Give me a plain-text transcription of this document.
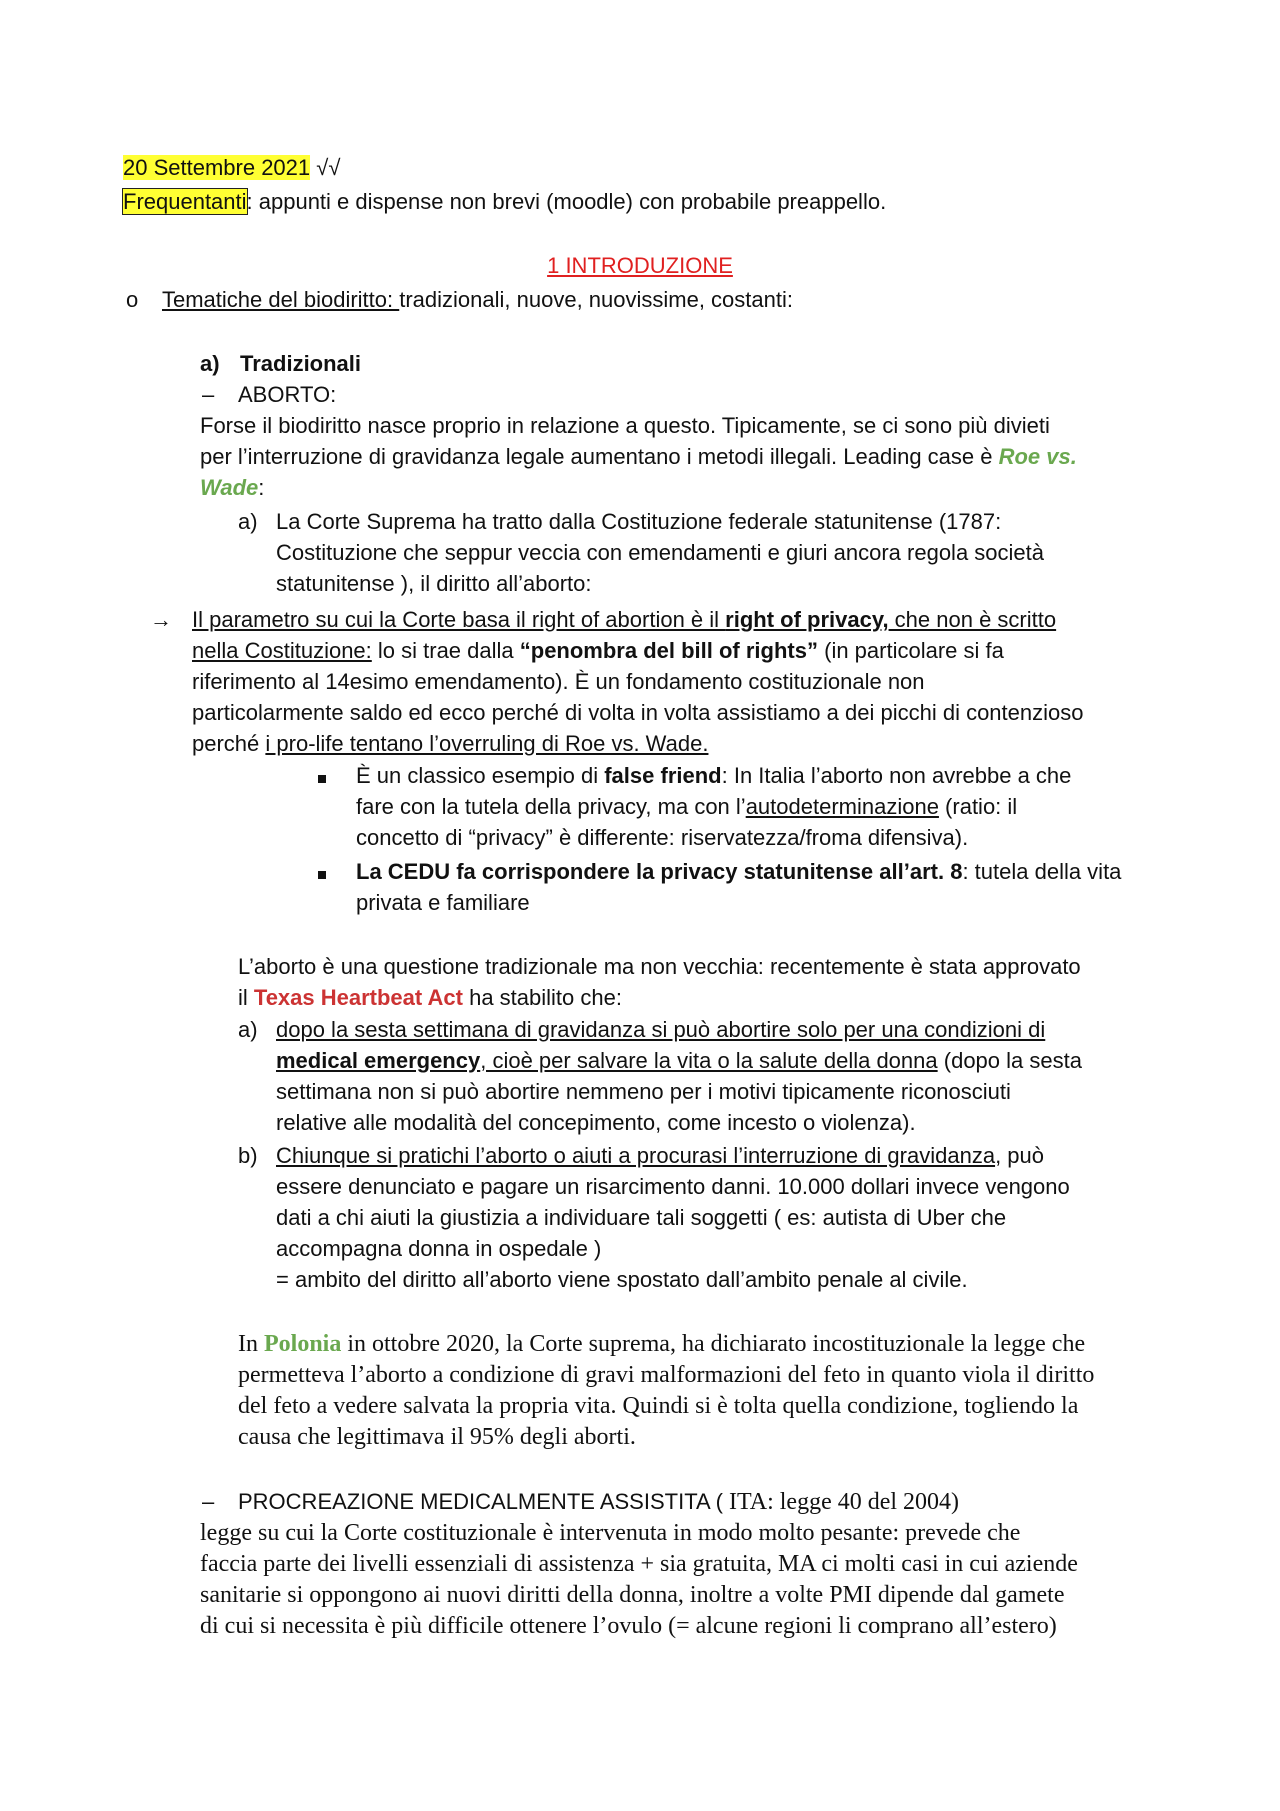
20 Settembre 2021 √√
Frequentanti: appunti e dispense non brevi (moodle) con probabile preappello.
1 INTRODUZIONE
o Tematiche del biodiritto: tradizionali, nuove, nuovissime, costanti:
a) Tradizionali
– ABORTO:
Forse il biodiritto nasce proprio in relazione a questo. Tipicamente, se ci sono più divieti
per l’interruzione di gravidanza legale aumentano i metodi illegali. Leading case è Roe vs.
Wade:
a) La Corte Suprema ha tratto dalla Costituzione federale statunitense (1787:
Costituzione che seppur veccia con emendamenti e giuri ancora regola società
statunitense ), il diritto all’aborto:
→ Il parametro su cui la Corte basa il right of abortion è il right of privacy, che non è scritto
nella Costituzione: lo si trae dalla “penombra del bill of rights” (in particolare si fa
riferimento al 14esimo emendamento). È un fondamento costituzionale non
particolarmente saldo ed ecco perché di volta in volta assistiamo a dei picchi di contenzioso
perché i pro-life tentano l’overruling di Roe vs. Wade.
È un classico esempio di false friend: In Italia l’aborto non avrebbe a che
fare con la tutela della privacy, ma con l’autodeterminazione (ratio: il
concetto di “privacy” è differente: riservatezza/froma difensiva).
La CEDU fa corrispondere la privacy statunitense all’art. 8: tutela della vita
privata e familiare
L’aborto è una questione tradizionale ma non vecchia: recentemente è stata approvato
il Texas Heartbeat Act ha stabilito che:
a) dopo la sesta settimana di gravidanza si può abortire solo per una condizioni di
medical emergency, cioè per salvare la vita o la salute della donna (dopo la sesta
settimana non si può abortire nemmeno per i motivi tipicamente riconosciuti
relative alle modalità del concepimento, come incesto o violenza).
b) Chiunque si pratichi l’aborto o aiuti a procurasi l’interruzione di gravidanza, può
essere denunciato e pagare un risarcimento danni. 10.000 dollari invece vengono
dati a chi aiuti la giustizia a individuare tali soggetti ( es: autista di Uber che
accompagna donna in ospedale )
= ambito del diritto all’aborto viene spostato dall’ambito penale al civile.
In Polonia in ottobre 2020, la Corte suprema, ha dichiarato incostituzionale la legge che
permetteva l’aborto a condizione di gravi malformazioni del feto in quanto viola il diritto
del feto a vedere salvata la propria vita. Quindi si è tolta quella condizione, togliendo la
causa che legittimava il 95% degli aborti.
– PROCREAZIONE MEDICALMENTE ASSISTITA ( ITA: legge 40 del 2004)
legge su cui la Corte costituzionale è intervenuta in modo molto pesante: prevede che
faccia parte dei livelli essenziali di assistenza + sia gratuita, MA ci molti casi in cui aziende
sanitarie si oppongono ai nuovi diritti della donna, inoltre a volte PMI dipende dal gamete
di cui si necessita è più difficile ottenere l’ovulo (= alcune regioni li comprano all’estero)
